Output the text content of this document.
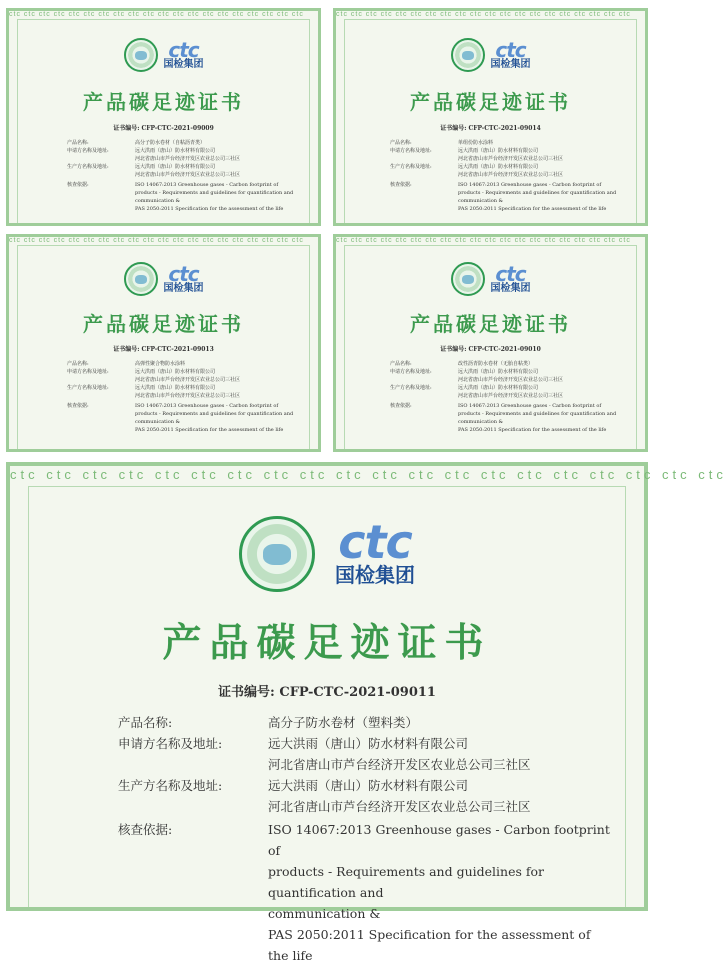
ctc ctc ctc ctc ctc ctc ctc ctc ctc ctc ctc ctc ctc ctc ctc ctc ctc ctc ctc ctc
ctc
国检集团
产品碳足迹证书
证书编号: CFP-CTC-2021-09009
产品名称:	高分子防水卷材（自粘沥青类）
申请方名称及地址:	远大洪雨（唐山）防水材料有限公司
河北省唐山市芦台经济开发区农业总公司三社区
生产方名称及地址:	远大洪雨（唐山）防水材料有限公司
河北省唐山市芦台经济开发区农业总公司三社区
核查依据:	ISO 14067:2013 Greenhouse gases - Carbon footprint of
products - Requirements and guidelines for quantification and
communication &
PAS 2050:2011 Specification for the assessment of the life
ctc ctc ctc ctc ctc ctc ctc ctc ctc ctc ctc ctc ctc ctc ctc ctc ctc ctc ctc ctc
ctc
国检集团
产品碳足迹证书
证书编号: CFP-CTC-2021-09014
产品名称:	单组份防水涂料
申请方名称及地址:	远大洪雨（唐山）防水材料有限公司
河北省唐山市芦台经济开发区农业总公司三社区
生产方名称及地址:	远大洪雨（唐山）防水材料有限公司
河北省唐山市芦台经济开发区农业总公司三社区
核查依据:	ISO 14067:2013 Greenhouse gases - Carbon footprint of
products - Requirements and guidelines for quantification and
communication &
PAS 2050:2011 Specification for the assessment of the life
ctc ctc ctc ctc ctc ctc ctc ctc ctc ctc ctc ctc ctc ctc ctc ctc ctc ctc ctc ctc
ctc
国检集团
产品碳足迹证书
证书编号: CFP-CTC-2021-09013
产品名称:	高弹性聚合物防水涂料
申请方名称及地址:	远大洪雨（唐山）防水材料有限公司
河北省唐山市芦台经济开发区农业总公司三社区
生产方名称及地址:	远大洪雨（唐山）防水材料有限公司
河北省唐山市芦台经济开发区农业总公司三社区
核查依据:	ISO 14067:2013 Greenhouse gases - Carbon footprint of
products - Requirements and guidelines for quantification and
communication &
PAS 2050:2011 Specification for the assessment of the life
ctc ctc ctc ctc ctc ctc ctc ctc ctc ctc ctc ctc ctc ctc ctc ctc ctc ctc ctc ctc
ctc
国检集团
产品碳足迹证书
证书编号: CFP-CTC-2021-09010
产品名称:	改性沥青防水卷材（无胎自粘类）
申请方名称及地址:	远大洪雨（唐山）防水材料有限公司
河北省唐山市芦台经济开发区农业总公司三社区
生产方名称及地址:	远大洪雨（唐山）防水材料有限公司
河北省唐山市芦台经济开发区农业总公司三社区
核查依据:	ISO 14067:2013 Greenhouse gases - Carbon footprint of
products - Requirements and guidelines for quantification and
communication &
PAS 2050:2011 Specification for the assessment of the life
ctc ctc ctc ctc ctc ctc ctc ctc ctc ctc ctc ctc ctc ctc ctc ctc ctc ctc ctc ctc
ctc
国检集团
产品碳足迹证书
证书编号: CFP-CTC-2021-09011
产品名称:	高分子防水卷材（塑料类）
申请方名称及地址:	远大洪雨（唐山）防水材料有限公司
河北省唐山市芦台经济开发区农业总公司三社区
生产方名称及地址:	远大洪雨（唐山）防水材料有限公司
河北省唐山市芦台经济开发区农业总公司三社区
核查依据:	ISO 14067:2013 Greenhouse gases - Carbon footprint of
products - Requirements and guidelines for quantification and
communication &
PAS 2050:2011 Specification for the assessment of the life
